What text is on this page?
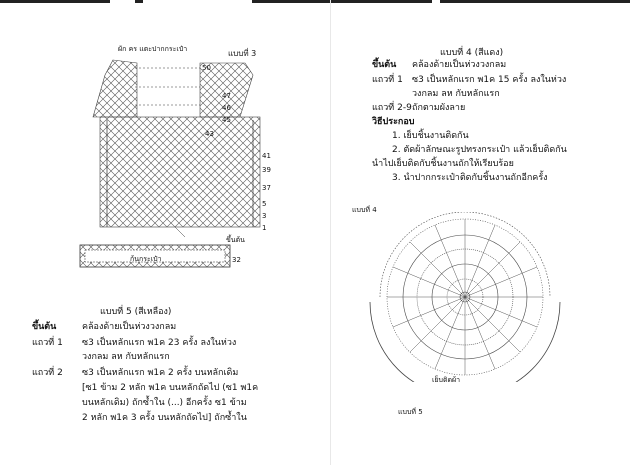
ผัก คร แตะปากกระเป๋า	แบบที่ 3
50
47
46
45
43
41
39
37
5
3
1
ขึ้นต้น
32
ก้นกระเป๋า
แบบที่ 5 (สีเหลือง)
ขึ้นต้น	คล้องด้ายเป็นห่วงวงกลม
แถวที่ 1 ซ3 เป็นหลักแรก พ1ค 23 ครั้ง ลงในห่วง
วงกลม ลห กับหลักแรก
แถวที่ 2 ซ3 เป็นหลักแรก พ1ค 2 ครั้ง บนหลักเดิม
[ซ1 ข้าม 2 หลัก พ1ค บนหลักถัดไป (ซ1 พ1ค
บนหลักเดิม) ถักซ้ำใน (...) อีกครั้ง ซ1 ข้าม
2 หลัก พ1ค 3 ครั้ง บนหลักถัดไป] ถักซ้ำใน
แบบที่ 4 (สีแดง)
ขึ้นต้น คล้องด้ายเป็นห่วงวงกลม
แถวที่ 1 ซ3 เป็นหลักแรก พ1ค 15 ครั้ง ลงในห่วง
วงกลม ลห กับหลักแรก
แถวที่ 2-9 ถักตามผังลาย
วิธีประกอบ
1. เย็บชิ้นงานติดกัน
2. ตัดผ้าลักษณะรูปทรงกระเป๋า แล้วเย็บติดกัน
นำไปเย็บติดกับชิ้นงานถักให้เรียบร้อย
3. นำปากกระเป๋าติดกับชิ้นงานถักอีกครั้ง
แบบที่ 4
เย็บติดผ้า
แบบที่ 5
